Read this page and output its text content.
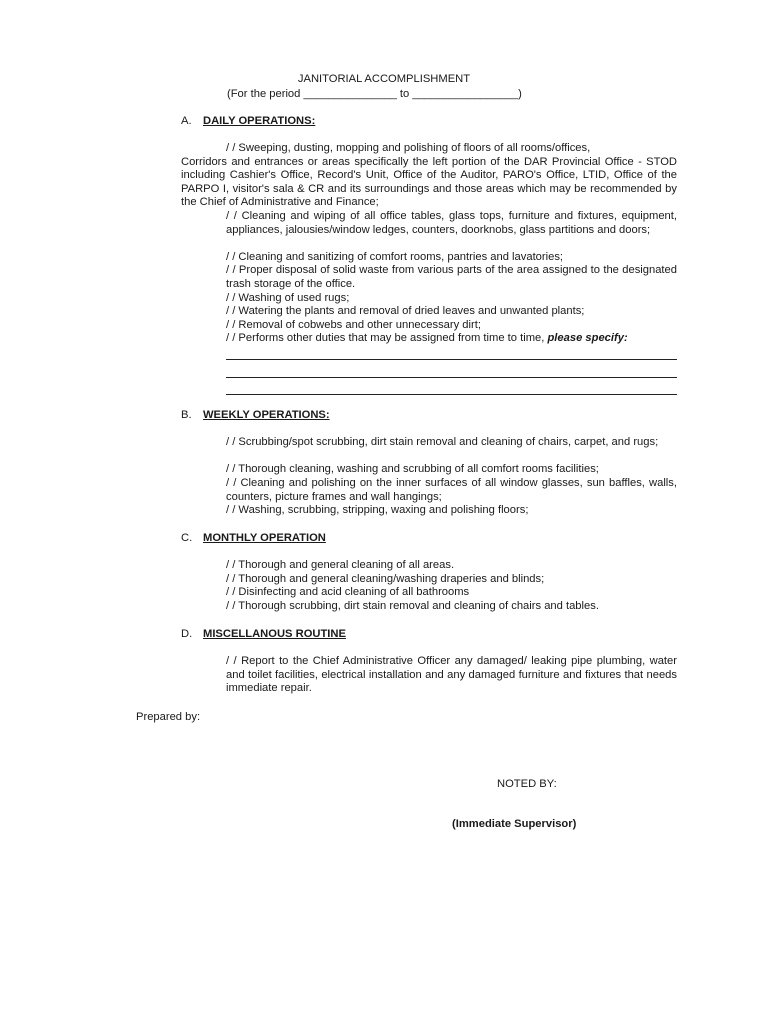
JANITORIAL ACCOMPLISHMENT
(For the period _______________ to _________________)
A. DAILY OPERATIONS:

/ / Sweeping, dusting, mopping and polishing of floors of all rooms/offices,

Corridors and entrances or areas specifically the left portion of the DAR Provincial Office - STOD including Cashier's Office, Record's Unit, Office of the Auditor, PARO's Office, LTID, Office of the PARPO I, visitor's sala & CR and its surroundings and those areas which may be recommended by the Chief of Administrative and Finance;

/ / Cleaning and wiping of all office tables, glass tops, furniture and fixtures, equipment, appliances, jalousies/window ledges, counters, doorknobs, glass partitions and doors;
/ / Cleaning and sanitizing of comfort rooms, pantries and lavatories;
/ / Proper disposal of solid waste from various parts of the area assigned to the designated trash storage of the office.
/ / Washing of used rugs;
/ / Watering the plants and removal of dried leaves and unwanted plants;
/ / Removal of cobwebs and other unnecessary dirt;
/ / Performs other duties that may be assigned from time to time, please specify:
B. WEEKLY OPERATIONS:
/ / Scrubbing/spot scrubbing, dirt stain removal and cleaning of chairs, carpet, and rugs;
/ / Thorough cleaning, washing and scrubbing of all comfort rooms facilities;
/ / Cleaning and polishing on the inner surfaces of all window glasses, sun baffles, walls, counters, picture frames and wall hangings;
/ / Washing, scrubbing, stripping, waxing and polishing floors;
C. MONTHLY OPERATION
/ / Thorough and general cleaning of all areas.
/ / Thorough and general cleaning/washing draperies and blinds;
/ / Disinfecting and acid cleaning of all bathrooms
/ / Thorough scrubbing, dirt stain removal and cleaning of chairs and tables.
D. MISCELLANOUS ROUTINE
/ / Report to the Chief Administrative Officer any damaged/ leaking pipe plumbing, water and toilet facilities, electrical installation and any damaged furniture and fixtures that needs immediate repair.
Prepared by:
NOTED BY:
(Immediate Supervisor)
